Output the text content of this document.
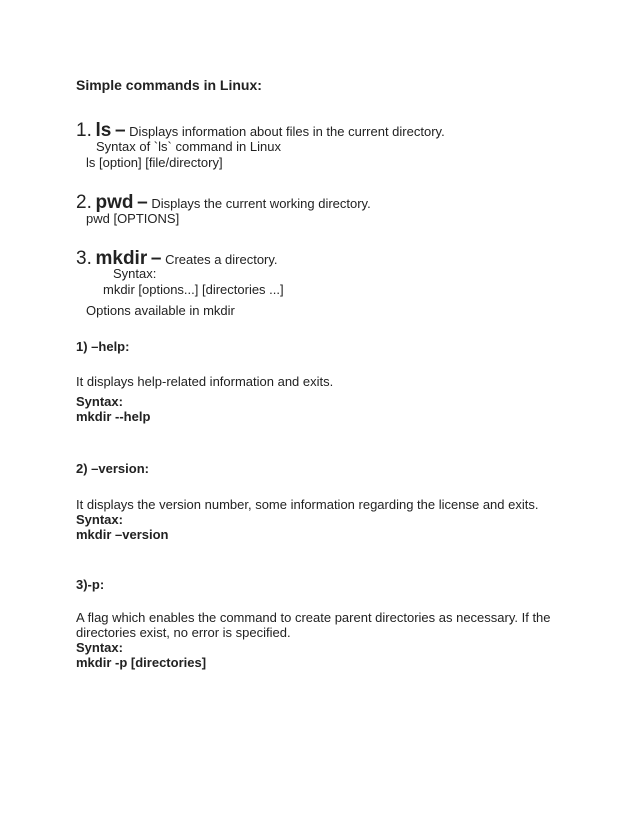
Simple commands in Linux:
1. ls – Displays information about files in the current directory.
Syntax of `ls` command in Linux
ls [option] [file/directory]
2. pwd – Displays the current working directory.
pwd [OPTIONS]
3. mkdir – Creates a directory.
Syntax:
mkdir [options...] [directories ...]
Options available in mkdir
1) –help:
It displays help-related information and exits.
Syntax:
mkdir --help
2) –version:
It displays the version number, some information regarding the license and exits.
Syntax:
mkdir –version
3)-p:
A flag which enables the command to create parent directories as necessary. If the directories exist, no error is specified.
Syntax:
mkdir -p [directories]
